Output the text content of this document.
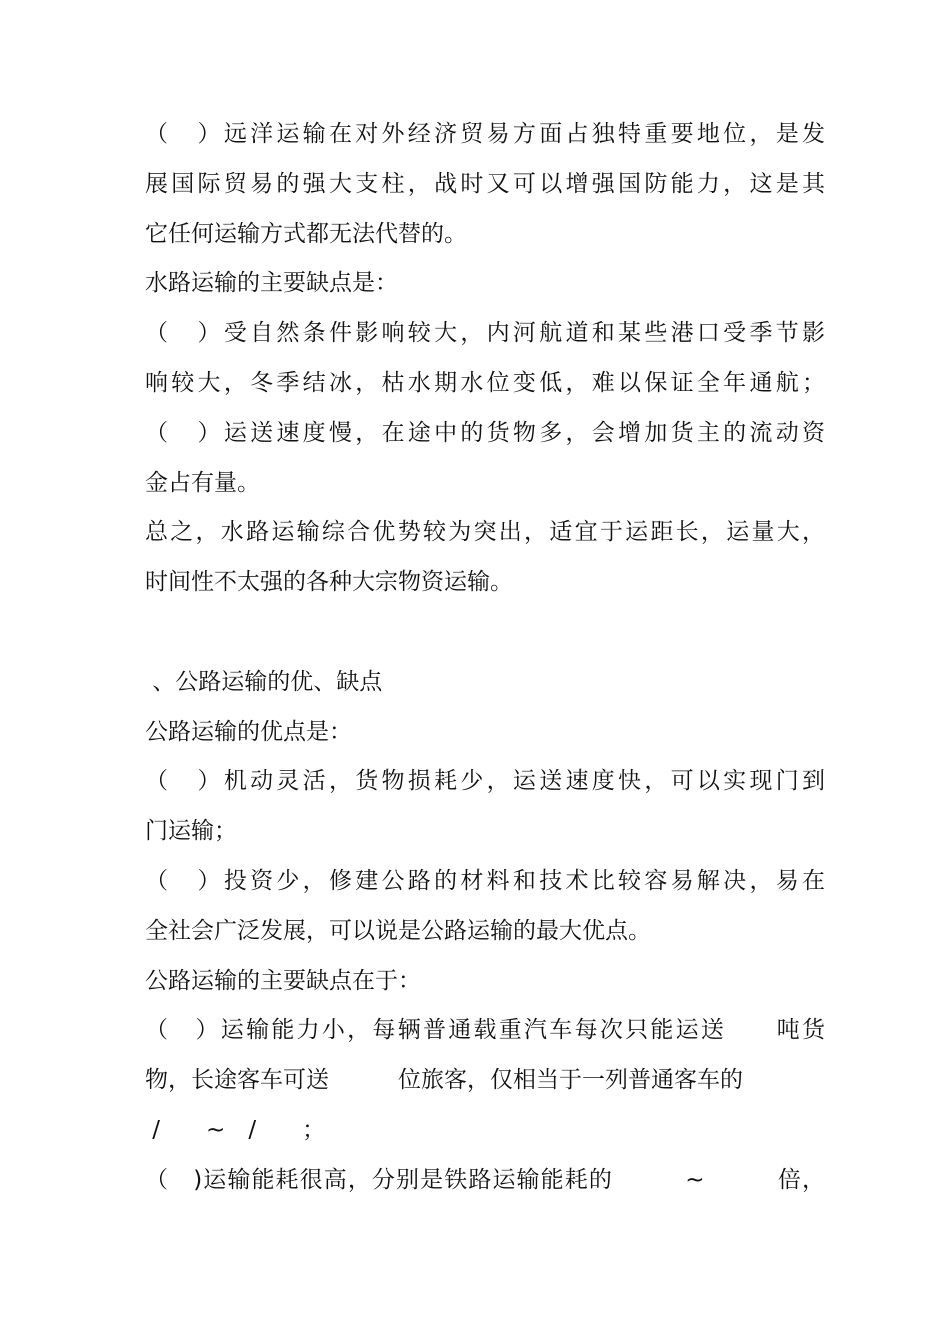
（　）远洋运输在对外经济贸易方面占独特重要地位，是发
展国际贸易的强大支柱，战时又可以增强国防能力，这是其
它任何运输方式都无法代替的。
水路运输的主要缺点是：
（　）受自然条件影响较大，内河航道和某些港口受季节影
响较大，冬季结冰，枯水期水位变低，难以保证全年通航；
（　）运送速度慢，在途中的货物多，会增加货主的流动资
金占有量。
总之，水路运输综合优势较为突出，适宜于运距长，运量大，
时间性不太强的各种大宗物资运输。
、公路运输的优、缺点
公路运输的优点是：
（　）机动灵活，货物损耗少，运送速度快，可以实现门到
门运输；
（　）投资少，修建公路的材料和技术比较容易解决，易在
全社会广泛发展，可以说是公路运输的最大优点。
公路运输的主要缺点在于：
（　）运输能力小，每辆普通载重汽车每次只能运送　　吨货
物，长途客车可送　　　位旅客，仅相当于一列普通客车的
/　　~　/　　；
（　)运输能耗很高，分别是铁路运输能耗的　　　~　　　倍，
